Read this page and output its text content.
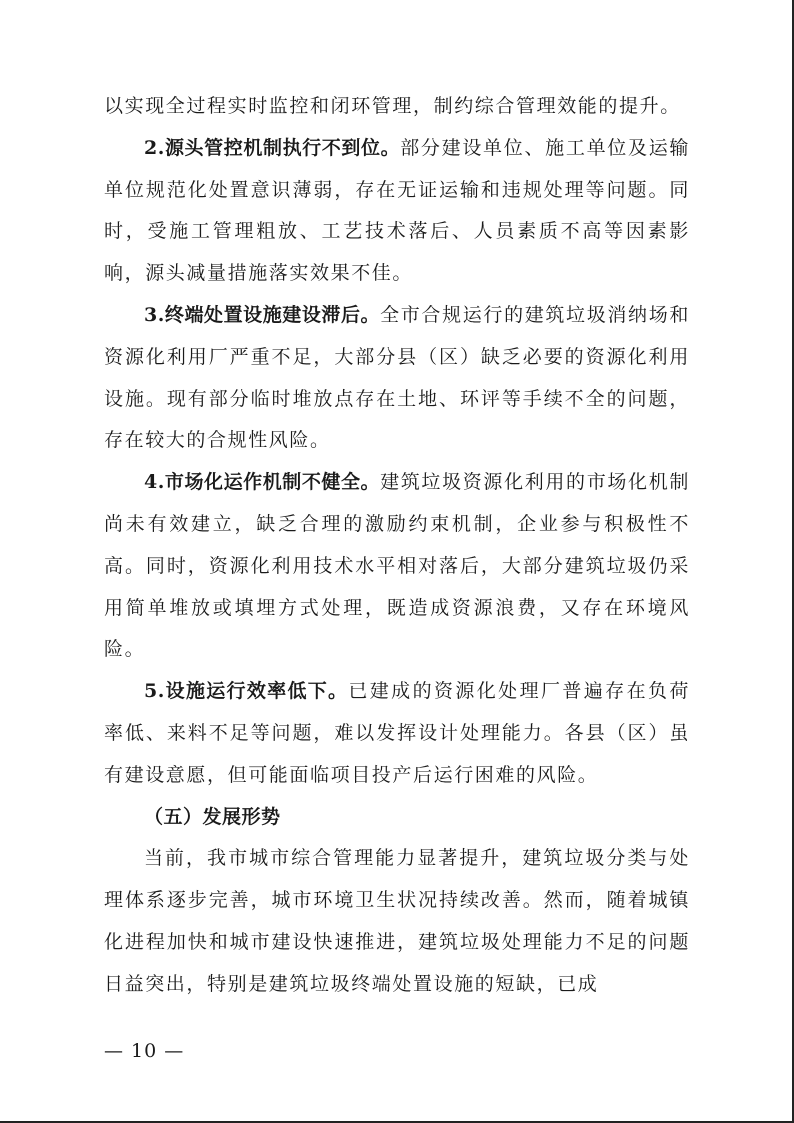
以实现全过程实时监控和闭环管理，制约综合管理效能的提升。

2.源头管控机制执行不到位。部分建设单位、施工单位及运输单位规范化处置意识薄弱，存在无证运输和违规处理等问题。同时，受施工管理粗放、工艺技术落后、人员素质不高等因素影响，源头减量措施落实效果不佳。

3.终端处置设施建设滞后。全市合规运行的建筑垃圾消纳场和资源化利用厂严重不足，大部分县（区）缺乏必要的资源化利用设施。现有部分临时堆放点存在土地、环评等手续不全的问题，存在较大的合规性风险。

4.市场化运作机制不健全。建筑垃圾资源化利用的市场化机制尚未有效建立，缺乏合理的激励约束机制，企业参与积极性不高。同时，资源化利用技术水平相对落后，大部分建筑垃圾仍采用简单堆放或填埋方式处理，既造成资源浪费，又存在环境风险。

5.设施运行效率低下。已建成的资源化处理厂普遍存在负荷率低、来料不足等问题，难以发挥设计处理能力。各县（区）虽有建设意愿，但可能面临项目投产后运行困难的风险。

（五）发展形势

当前，我市城市综合管理能力显著提升，建筑垃圾分类与处理体系逐步完善，城市环境卫生状况持续改善。然而，随着城镇化进程加快和城市建设快速推进，建筑垃圾处理能力不足的问题日益突出，特别是建筑垃圾终端处置设施的短缺，已成

— 10 —
